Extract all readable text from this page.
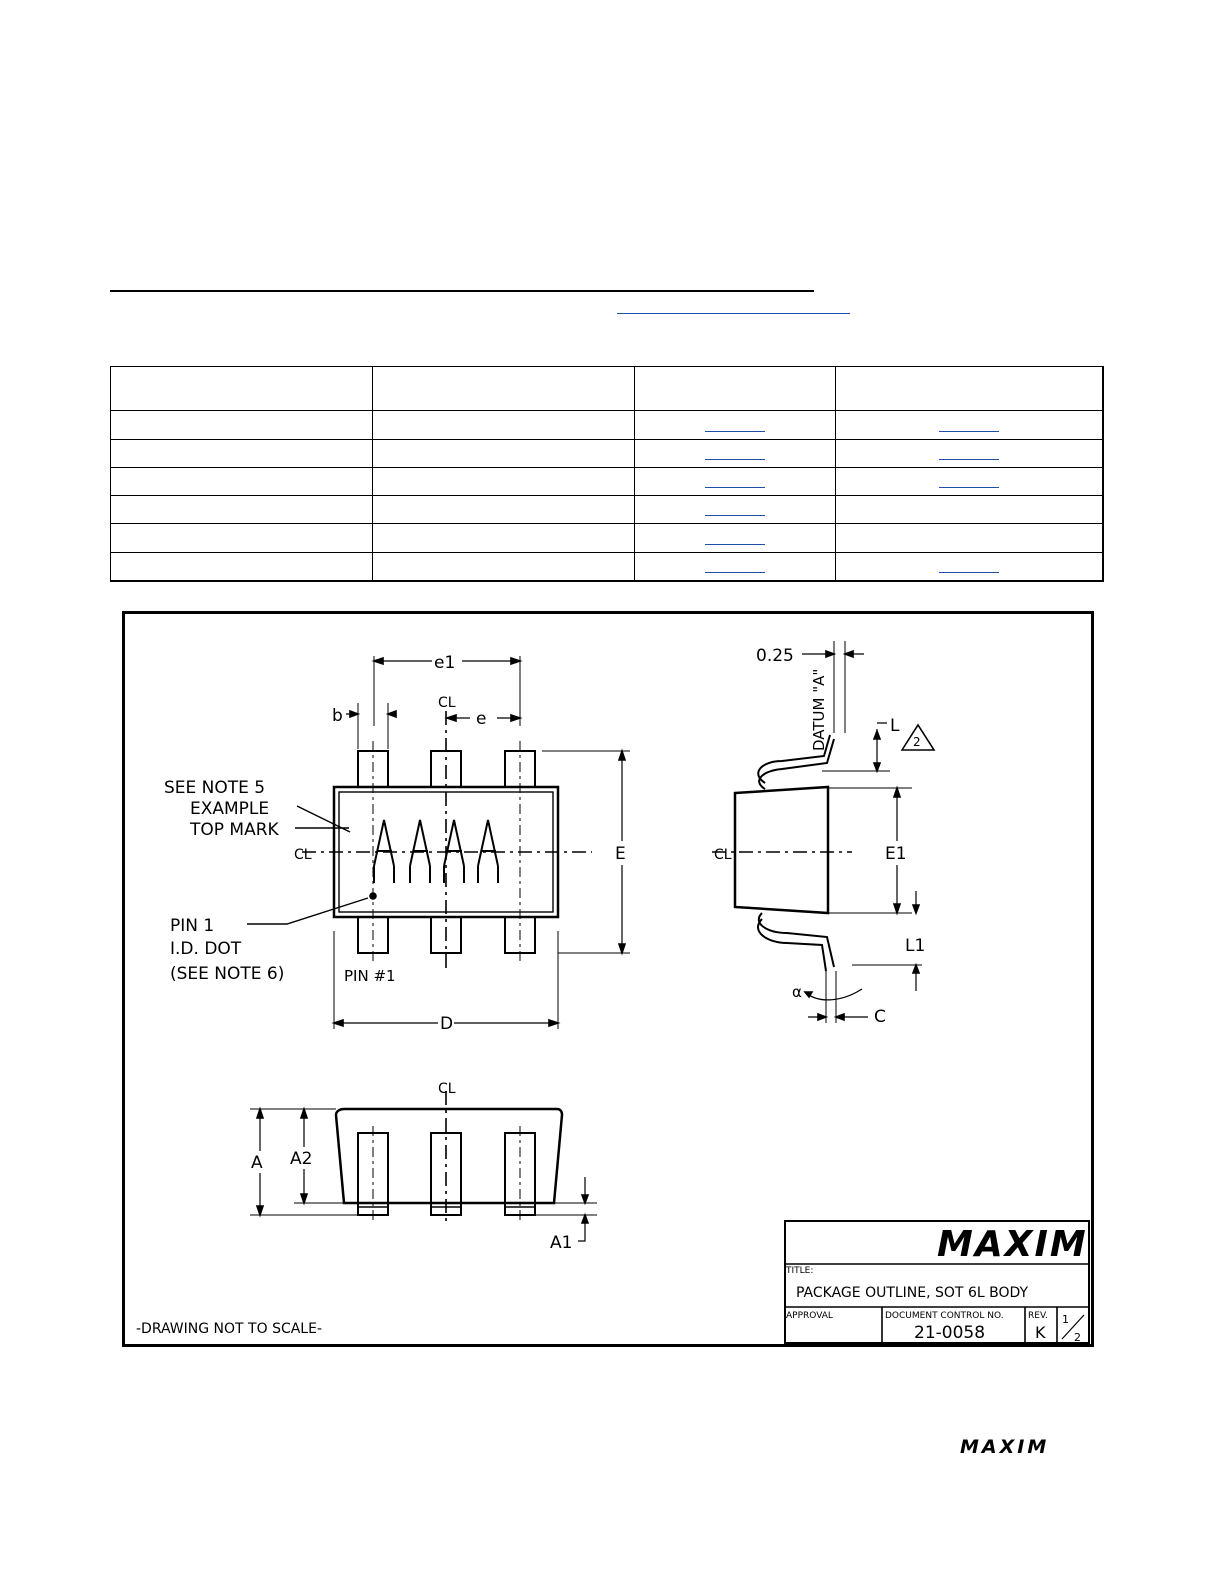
e1
b	e
CL
SEE NOTE 5
EXAMPLE
TOP MARK
CL	E
PIN 1
I.D. DOT
(SEE NOTE 6)	PIN #1
D
0.25
DATUM "A"	L
2
CL	E1
L1
α
C
CL
A A2
A1
-DRAWING NOT TO SCALE-
TITLE:
PACKAGE OUTLINE, SOT 6L BODY
APPROVAL	DOCUMENT CONTROL NO.
21-0058
REV.
K
1
2
MAXIM
MAXIM
